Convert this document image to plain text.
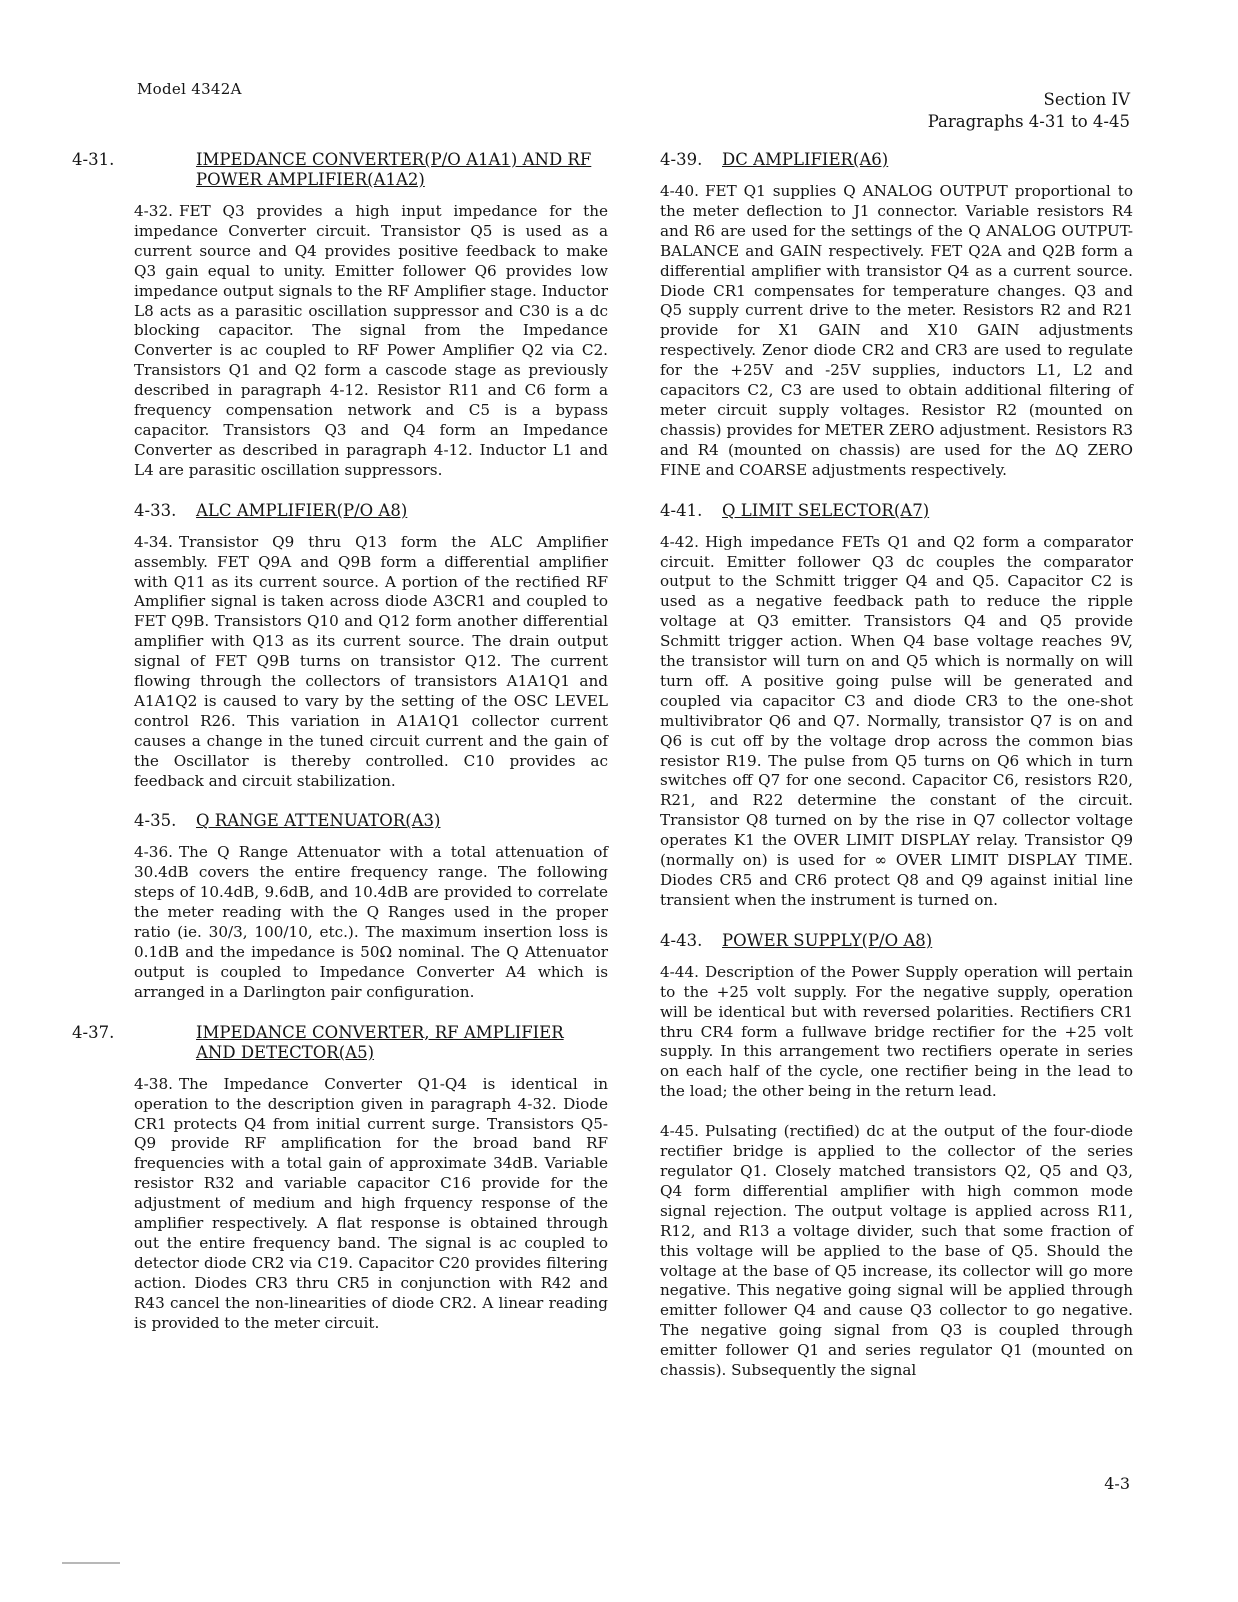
Model 4342A
Section IV
Paragraphs 4-31 to 4-45
4-31.	IMPEDANCE CONVERTER(P/O A1A1) AND RF POWER AMPLIFIER(A1A2)

4-32. FET Q3 provides a high input impedance for the impedance Converter circuit. Transistor Q5 is used as a current source and Q4 provides positive feedback to make Q3 gain equal to unity. Emitter follower Q6 provides low impedance output signals to the RF Amplifier stage. Inductor L8 acts as a parasitic oscillation suppressor and C30 is a dc blocking capacitor. The signal from the Impedance Converter is ac coupled to RF Power Amplifier Q2 via C2. Transistors Q1 and Q2 form a cascode stage as previously described in paragraph 4-12. Resistor R11 and C6 form a frequency compensation network and C5 is a bypass capacitor. Transistors Q3 and Q4 form an Impedance Converter as described in paragraph 4-12. Inductor L1 and L4 are parasitic oscillation suppressors.

4-33. ALC AMPLIFIER(P/O A8)

4-34. Transistor Q9 thru Q13 form the ALC Amplifier assembly. FET Q9A and Q9B form a differential amplifier with Q11 as its current source. A portion of the rectified RF Amplifier signal is taken across diode A3CR1 and coupled to FET Q9B. Transistors Q10 and Q12 form another differential amplifier with Q13 as its current source. The drain output signal of FET Q9B turns on transistor Q12. The current flowing through the collectors of transistors A1A1Q1 and A1A1Q2 is caused to vary by the setting of the OSC LEVEL control R26. This variation in A1A1Q1 collector current causes a change in the tuned circuit current and the gain of the Oscillator is thereby controlled. C10 provides ac feedback and circuit stabilization.

4-35. Q RANGE ATTENUATOR(A3)

4-36. The Q Range Attenuator with a total attenuation of 30.4dB covers the entire frequency range. The following steps of 10.4dB, 9.6dB, and 10.4dB are provided to correlate the meter reading with the Q Ranges used in the proper ratio (ie. 30/3, 100/10, etc.). The maximum insertion loss is 0.1dB and the impedance is 50Ω nominal. The Q Attenuator output is coupled to Impedance Converter A4 which is arranged in a Darlington pair configuration.

4-37.	IMPEDANCE CONVERTER, RF AMPLIFIER AND DETECTOR(A5)

4-38. The Impedance Converter Q1-Q4 is identical in operation to the description given in paragraph 4-32. Diode CR1 protects Q4 from initial current surge. Transistors Q5-Q9 provide RF amplification for the broad band RF frequencies with a total gain of approximate 34dB. Variable resistor R32 and variable capacitor C16 provide for the adjustment of medium and high frquency response of the amplifier respectively. A flat response is obtained through out the entire frequency band. The signal is ac coupled to detector diode CR2 via C19. Capacitor C20 provides filtering action. Diodes CR3 thru CR5 in conjunction with R42 and R43 cancel the non-linearities of diode CR2. A linear reading is provided to the meter circuit.

4-39. DC AMPLIFIER(A6)

4-40. FET Q1 supplies Q ANALOG OUTPUT proportional to the meter deflection to J1 connector. Variable resistors R4 and R6 are used for the settings of the Q ANALOG OUTPUT-BALANCE and GAIN respectively. FET Q2A and Q2B form a differential amplifier with transistor Q4 as a current source. Diode CR1 compensates for temperature changes. Q3 and Q5 supply current drive to the meter. Resistors R2 and R21 provide for X1 GAIN and X10 GAIN adjustments respectively. Zenor diode CR2 and CR3 are used to regulate for the +25V and -25V supplies, inductors L1, L2 and capacitors C2, C3 are used to obtain additional filtering of meter circuit supply voltages. Resistor R2 (mounted on chassis) provides for METER ZERO adjustment. Resistors R3 and R4 (mounted on chassis) are used for the ΔQ ZERO FINE and COARSE adjustments respectively.

4-41. Q LIMIT SELECTOR(A7)

4-42. High impedance FETs Q1 and Q2 form a comparator circuit. Emitter follower Q3 dc couples the comparator output to the Schmitt trigger Q4 and Q5. Capacitor C2 is used as a negative feedback path to reduce the ripple voltage at Q3 emitter. Transistors Q4 and Q5 provide Schmitt trigger action. When Q4 base voltage reaches 9V, the transistor will turn on and Q5 which is normally on will turn off. A positive going pulse will be generated and coupled via capacitor C3 and diode CR3 to the one-shot multivibrator Q6 and Q7. Normally, transistor Q7 is on and Q6 is cut off by the voltage drop across the common bias resistor R19. The pulse from Q5 turns on Q6 which in turn switches off Q7 for one second. Capacitor C6, resistors R20, R21, and R22 determine the constant of the circuit. Transistor Q8 turned on by the rise in Q7 collector voltage operates K1 the OVER LIMIT DISPLAY relay. Transistor Q9 (normally on) is used for ∞ OVER LIMIT DISPLAY TIME. Diodes CR5 and CR6 protect Q8 and Q9 against initial line transient when the instrument is turned on.

4-43. POWER SUPPLY(P/O A8)

4-44. Description of the Power Supply operation will pertain to the +25 volt supply. For the negative supply, operation will be identical but with reversed polarities. Rectifiers CR1 thru CR4 form a fullwave bridge rectifier for the +25 volt supply. In this arrangement two rectifiers operate in series on each half of the cycle, one rectifier being in the lead to the load; the other being in the return lead.

4-45. Pulsating (rectified) dc at the output of the four-diode rectifier bridge is applied to the collector of the series regulator Q1. Closely matched transistors Q2, Q5 and Q3, Q4 form differential amplifier with high common mode signal rejection. The output voltage is applied across R11, R12, and R13 a voltage divider, such that some fraction of this voltage will be applied to the base of Q5. Should the voltage at the base of Q5 increase, its collector will go more negative. This negative going signal will be applied through emitter follower Q4 and cause Q3 collector to go negative. The negative going signal from Q3 is coupled through emitter follower Q1 and series regulator Q1 (mounted on chassis). Subsequently the signal

4-3
